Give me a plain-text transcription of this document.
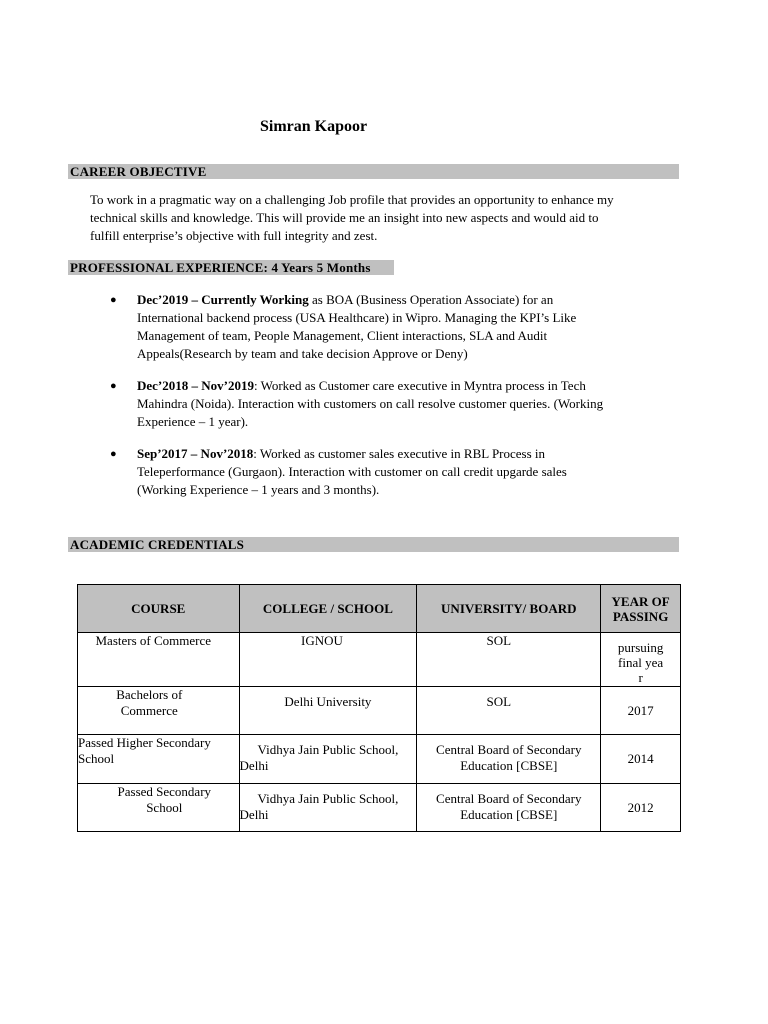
Simran Kapoor
CAREER OBJECTIVE
To work in a pragmatic way on a challenging Job profile that provides an opportunity to enhance my
technical skills and knowledge. This will provide me an insight into new aspects and would aid to
fulfill enterprise’s objective with full integrity and zest.
PROFESSIONAL EXPERIENCE: 4 Years 5 Months
● Dec’2019 – Currently Working as BOA (Business Operation Associate) for an
International backend process (USA Healthcare) in Wipro. Managing the KPI’s Like
Management of team, People Management, Client interactions, SLA and Audit
Appeals(Research by team and take decision Approve or Deny)
● Dec’2018 – Nov’2019: Worked as Customer care executive in Myntra process in Tech
Mahindra (Noida). Interaction with customers on call resolve customer queries. (Working
Experience – 1 year).
● Sep’2017 – Nov’2018: Worked as customer sales executive in RBL Process in
Teleperformance (Gurgaon). Interaction with customer on call credit upgarde sales
(Working Experience – 1 years and 3 months).
ACADEMIC CREDENTIALS
COURSE	COLLEGE / SCHOOL	UNIVERSITY/ BOARD	YEAR OF PASSING

Masters of Commerce	IGNOU	SOL	pursuing final year

Bachelors of Commerce	Delhi University	SOL	2017

Passed Higher Secondary School	Vidhya Jain Public School, Delhi	Central Board of Secondary Education [CBSE]	2014

Passed Secondary School	Vidhya Jain Public School, Delhi	Central Board of Secondary Education [CBSE]	2012
